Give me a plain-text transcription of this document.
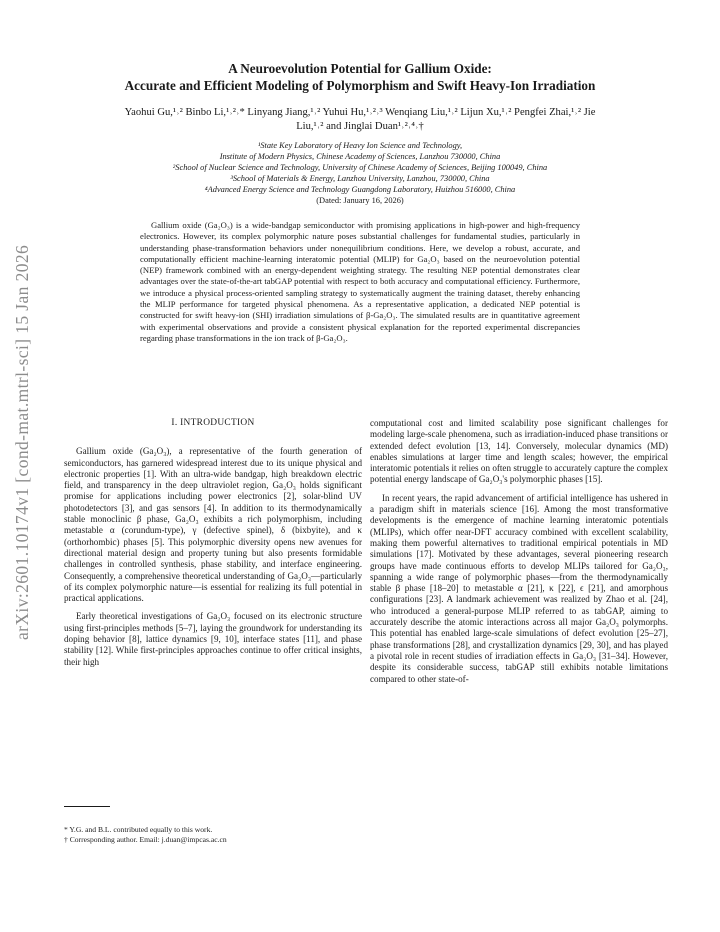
arXiv:2601.10174v1 [cond-mat.mtrl-sci] 15 Jan 2026
A Neuroevolution Potential for Gallium Oxide:
Accurate and Efficient Modeling of Polymorphism and Swift Heavy-Ion Irradiation
Yaohui Gu,¹˒² Binbo Li,¹˒²˒* Linyang Jiang,¹˒² Yuhui Hu,¹˒²˒³ Wenqiang Liu,¹˒² Lijun Xu,¹˒² Pengfei Zhai,¹˒² Jie Liu,¹˒² and Jinglai Duan¹˒²˒⁴˒†
¹State Key Laboratory of Heavy Ion Science and Technology,
Institute of Modern Physics, Chinese Academy of Sciences, Lanzhou 730000, China
²School of Nuclear Science and Technology, University of Chinese Academy of Sciences, Beijing 100049, China
³School of Materials & Energy, Lanzhou University, Lanzhou, 730000, China
⁴Advanced Energy Science and Technology Guangdong Laboratory, Huizhou 516000, China
(Dated: January 16, 2026)
Gallium oxide (Ga₂O₃) is a wide-bandgap semiconductor with promising applications in high-power and high-frequency electronics. However, its complex polymorphic nature poses substantial challenges for fundamental studies, particularly in understanding phase-transformation behaviors under nonequilibrium conditions. Here, we develop a robust, accurate, and computationally efficient machine-learning interatomic potential (MLIP) for Ga₂O₃ based on the neuroevolution potential (NEP) framework combined with an energy-dependent weighting strategy. The resulting NEP potential demonstrates clear advantages over the state-of-the-art tabGAP potential with respect to both accuracy and computational efficiency. Furthermore, we introduce a physical process-oriented sampling strategy to systematically augment the training dataset, thereby enhancing the MLIP performance for targeted physical phenomena. As a representative application, a dedicated NEP potential is constructed for swift heavy-ion (SHI) irradiation simulations of β-Ga₂O₃. The simulated results are in quantitative agreement with experimental observations and provide a consistent physical explanation for the reported experimental discrepancies regarding phase transformations in the ion track of β-Ga₂O₃.
I. INTRODUCTION

Gallium oxide (Ga₂O₃), a representative of the fourth generation of semiconductors, has garnered widespread interest due to its unique physical and electronic properties [1]. With an ultra-wide bandgap, high breakdown electric field, and transparency in the deep ultraviolet region, Ga₂O₃ holds significant promise for applications including power electronics [2], solar-blind UV photodetectors [3], and gas sensors [4]. In addition to its thermodynamically stable monoclinic β phase, Ga₂O₃ exhibits a rich polymorphism, including metastable α (corundum-type), γ (defective spinel), δ (bixbyite), and κ (orthorhombic) phases [5]. This polymorphic diversity opens new avenues for directional material design and property tuning but also presents formidable challenges in controlled synthesis, phase stability, and interface engineering. Consequently, a comprehensive theoretical understanding of Ga₂O₃—particularly of its complex polymorphic nature—is essential for realizing its full potential in practical applications.

Early theoretical investigations of Ga₂O₃ focused on its electronic structure using first-principles methods [5–7], laying the groundwork for understanding its doping behavior [8], lattice dynamics [9, 10], interface states [11], and phase stability [12]. While first-principles approaches continue to offer critical insights, their high

computational cost and limited scalability pose significant challenges for modeling large-scale phenomena, such as irradiation-induced phase transitions or extended defect evolution [13, 14]. Conversely, molecular dynamics (MD) enables simulations at larger time and length scales; however, the empirical interatomic potentials it relies on often struggle to accurately capture the complex potential energy landscape of Ga₂O₃'s polymorphic phases [15].

In recent years, the rapid advancement of artificial intelligence has ushered in a paradigm shift in materials science [16]. Among the most transformative developments is the emergence of machine learning interatomic potentials (MLIPs), which offer near-DFT accuracy combined with excellent scalability, making them powerful alternatives to traditional empirical potentials in MD simulations [17]. Motivated by these advantages, several pioneering research groups have made continuous efforts to develop MLIPs tailored for Ga₂O₃, spanning a wide range of polymorphic phases—from the thermodynamically stable β phase [18–20] to metastable α [21], κ [22], ϵ [21], and amorphous configurations [23]. A landmark achievement was realized by Zhao et al. [24], who introduced a general-purpose MLIP referred to as tabGAP, aiming to accurately describe the atomic interactions across all major Ga₂O₃ polymorphs. This potential has enabled large-scale simulations of defect evolution [25–27], phase transformations [28], and crystallization dynamics [29, 30], and has played a pivotal role in recent studies of irradiation effects in Ga₂O₃ [31–34]. However, despite its considerable success, tabGAP still exhibits notable limitations compared to other state-of-

* Y.G. and B.L. contributed equally to this work.
† Corresponding author. Email: j.duan@impcas.ac.cn
